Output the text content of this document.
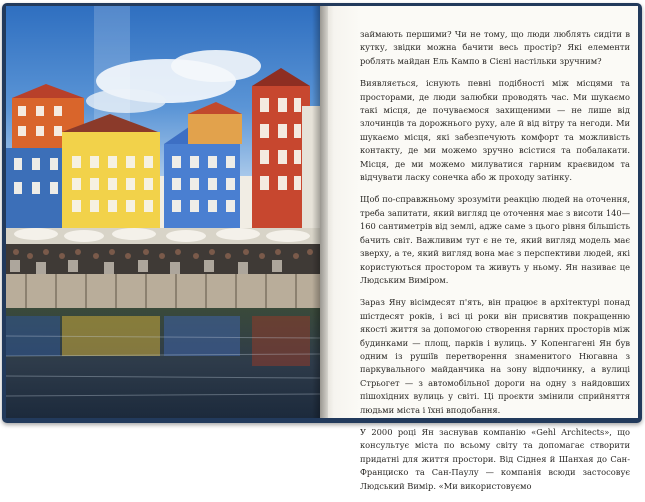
займають першими? Чи не тому, що люди люблять сидіти в кутку, звідки можна бачити весь простір? Які елементи роблять майдан Ель Кампо в Сієні настільки зручним?

Виявляється, існують певні подібності між місцями та просторами, де люди залюбки проводять час. Ми шукаємо такі місця, де почуваємося захищеними — не лише від злочинців та дорожнього руху, але й від вітру та негоди. Ми шукаємо місця, які забезпечують комфорт та можливість контакту, де ми можемо зручно всістися та побалакати. Місця, де ми можемо милуватися гарним краєвидом та відчувати ласку сонечка або ж проходу затінку.

Щоб по-справжньому зрозуміти реакцію людей на оточення, треба запитати, який вигляд це оточення має з висоти 140—160 сантиметрів від землі, адже саме з цього рівня більшість бачить світ. Важливим тут є не те, який вигляд модель має зверху, а те, який вигляд вона має з перспективи людей, які користуються простором та живуть у ньому. Ян називає це Людським Виміром.

Зараз Яну вісімдесят п'ять, він працює в архітектурі понад шістдесят років, і всі ці роки він присвятив покращенню якості життя за допомогою створення гарних просторів між будинками — площ, парків і вулиць. У Копенгагені Ян був одним із рушіїв перетворення знаменитого Нюгавна з паркувального майданчика на зону відпочинку, а вулиці Стрьогет — з автомобільної дороги на одну з найдовших пішохідних вулиць у світі. Ці проєкти змінили сприйняття людьми міста і їхні вподобання.

У 2000 році Ян заснував компанію «Gehl Architects», що консультує міста по всьому світу та допомагає створити придатні для життя простори. Від Сіднея й Шанхая до Сан-Франциско та Сан-Паулу — компанія всюди застосовує Людський Вимір. «Ми використовуємо
